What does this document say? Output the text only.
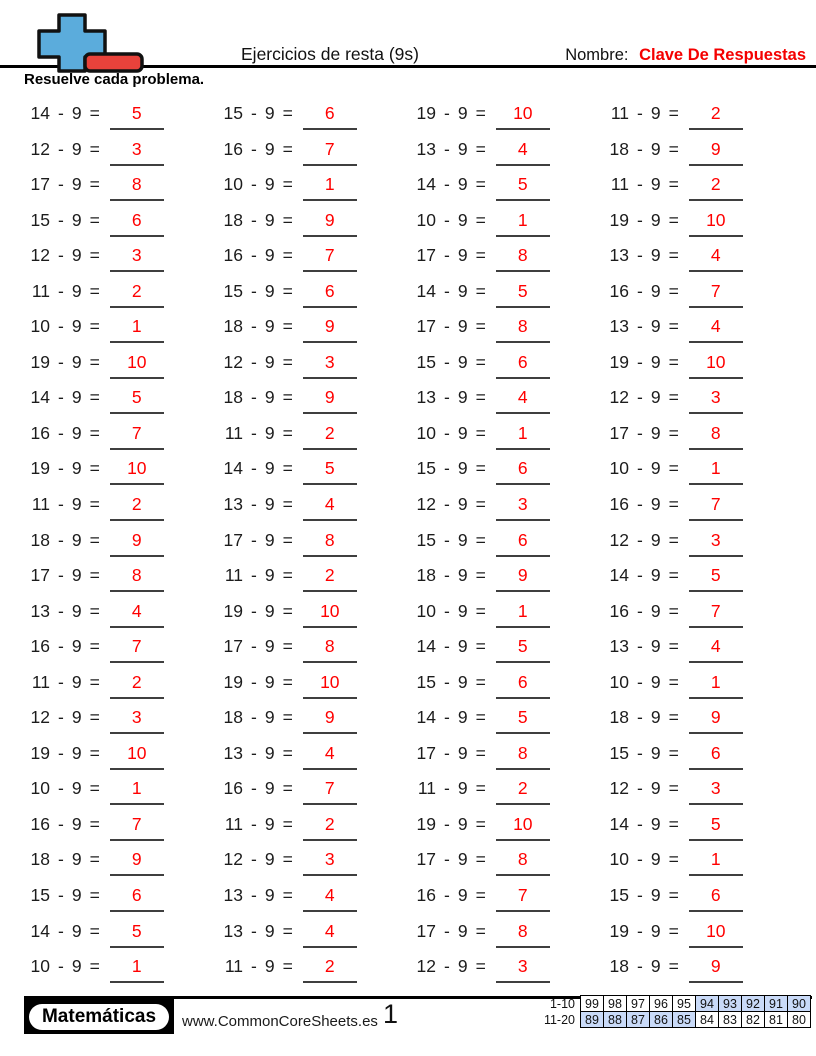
Ejercicios de resta (9s)	Nombre: Clave De Respuestas
Resuelve cada problema.
14 - 9 = 5
12 - 9 = 3
17 - 9 = 8
15 - 9 = 6
12 - 9 = 3
11 - 9 = 2
10 - 9 = 1
19 - 9 = 10
14 - 9 = 5
16 - 9 = 7
19 - 9 = 10
11 - 9 = 2
18 - 9 = 9
17 - 9 = 8
13 - 9 = 4
16 - 9 = 7
11 - 9 = 2
12 - 9 = 3
19 - 9 = 10
10 - 9 = 1
16 - 9 = 7
18 - 9 = 9
15 - 9 = 6
14 - 9 = 5
10 - 9 = 1
15 - 9 = 6
16 - 9 = 7
10 - 9 = 1
18 - 9 = 9
16 - 9 = 7
15 - 9 = 6
18 - 9 = 9
12 - 9 = 3
18 - 9 = 9
11 - 9 = 2
14 - 9 = 5
13 - 9 = 4
17 - 9 = 8
11 - 9 = 2
19 - 9 = 10
17 - 9 = 8
19 - 9 = 10
18 - 9 = 9
13 - 9 = 4
16 - 9 = 7
11 - 9 = 2
12 - 9 = 3
13 - 9 = 4
13 - 9 = 4
11 - 9 = 2
19 - 9 = 10
13 - 9 = 4
14 - 9 = 5
10 - 9 = 1
17 - 9 = 8
14 - 9 = 5
17 - 9 = 8
15 - 9 = 6
13 - 9 = 4
10 - 9 = 1
15 - 9 = 6
12 - 9 = 3
15 - 9 = 6
18 - 9 = 9
10 - 9 = 1
14 - 9 = 5
15 - 9 = 6
14 - 9 = 5
17 - 9 = 8
11 - 9 = 2
19 - 9 = 10
17 - 9 = 8
16 - 9 = 7
17 - 9 = 8
12 - 9 = 3
11 - 9 = 2
18 - 9 = 9
11 - 9 = 2
19 - 9 = 10
13 - 9 = 4
16 - 9 = 7
13 - 9 = 4
19 - 9 = 10
12 - 9 = 3
17 - 9 = 8
10 - 9 = 1
16 - 9 = 7
12 - 9 = 3
14 - 9 = 5
16 - 9 = 7
13 - 9 = 4
10 - 9 = 1
18 - 9 = 9
15 - 9 = 6
12 - 9 = 3
14 - 9 = 5
10 - 9 = 1
15 - 9 = 6
19 - 9 = 10
18 - 9 = 9
Matemáticas	www.CommonCoreSheets.es 1	1-10	99	98	97	96	95	94	93	92	91	90
11-20	89	88	87	86	85	84	83	82	81	80
